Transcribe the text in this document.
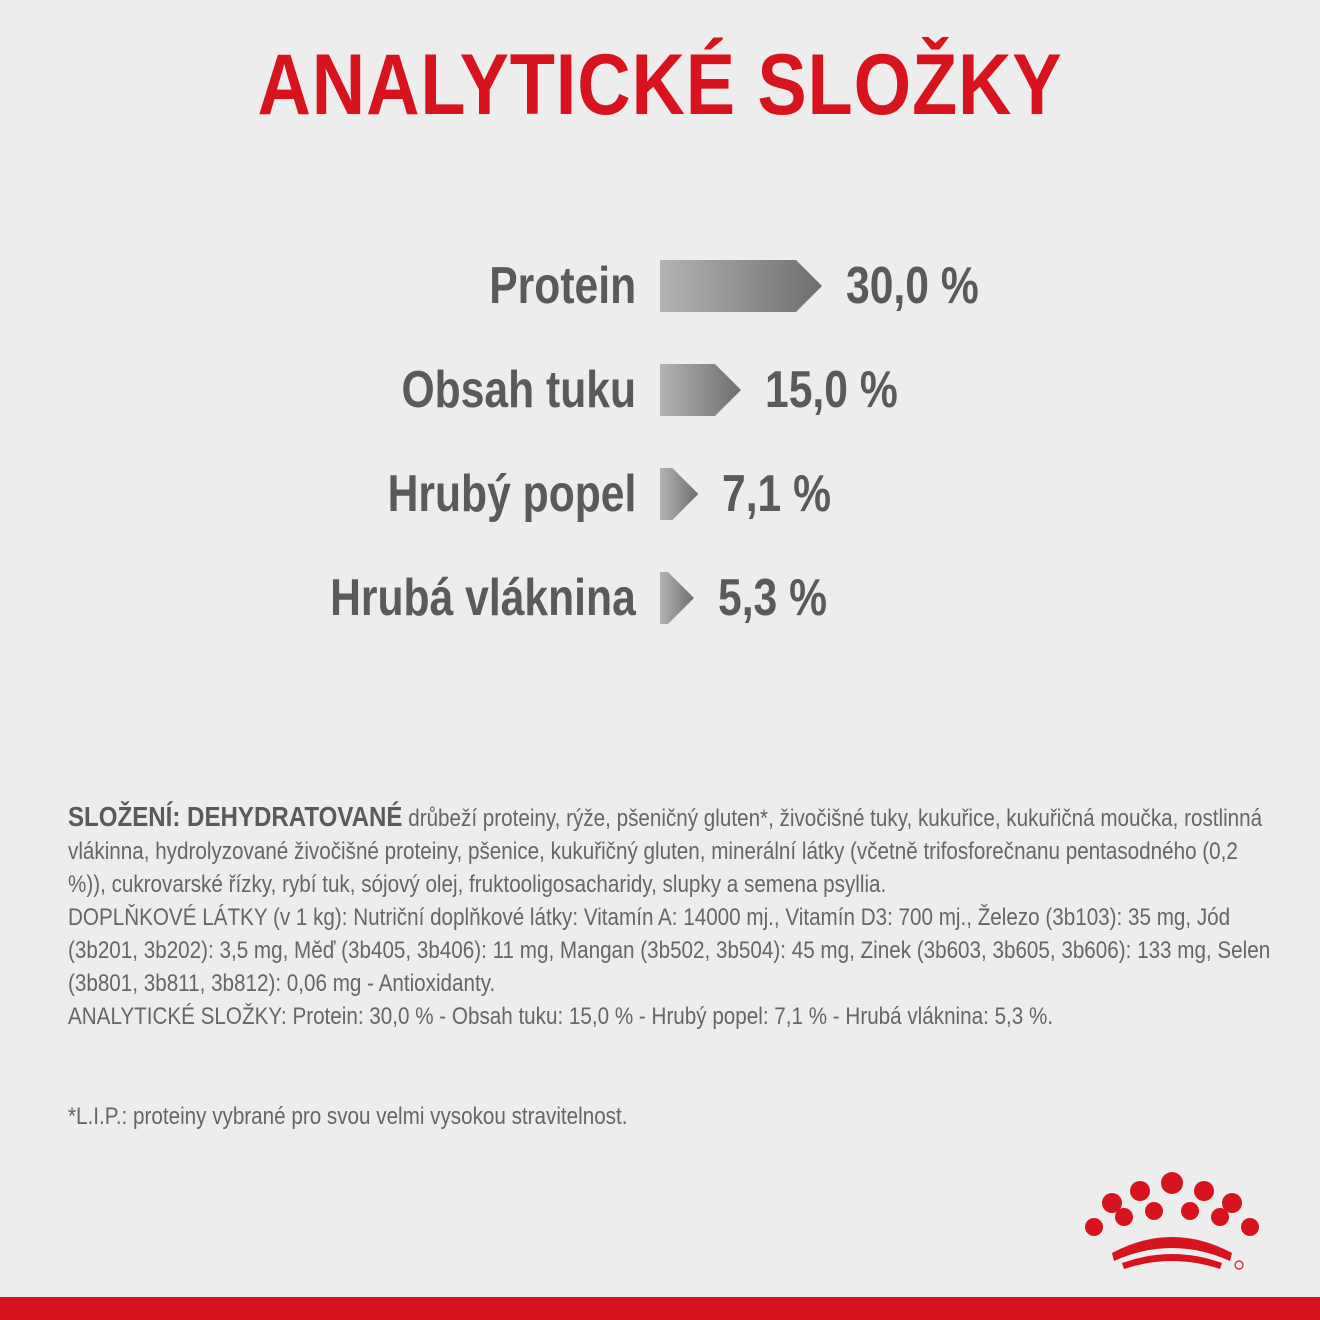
ANALYTICKÉ SLOŽKY
Protein	30,0 %
Obsah tuku 15,0 %
Hrubý popel 7,1 %
Hrubá vláknina 5,3 %

SLOŽENÍ: DEHYDRATOVANÉ drůbeží proteiny, rýže, pšeničný gluten*, živočišné tuky, kukuřice, kukuřičná moučka, rostlinná vlákinna, hydrolyzované živočišné proteiny, pšenice, kukuřičný gluten, minerální látky (včetně trifosforečnanu pentasodného (0,2 %)), cukrovarské řízky, rybí tuk, sójový olej, fruktooligosacharidy, slupky a semena psyllia.

DOPLŇKOVÉ LÁTKY (v 1 kg): Nutriční doplňkové látky: Vitamín A: 14000 mj., Vitamín D3: 700 mj., Železo (3b103): 35 mg, Jód (3b201, 3b202): 3,5 mg, Měď (3b405, 3b406): 11 mg, Mangan (3b502, 3b504): 45 mg, Zinek (3b603, 3b605, 3b606): 133 mg, Selen (3b801, 3b811, 3b812): 0,06 mg - Antioxidanty.

ANALYTICKÉ SLOŽKY: Protein: 30,0 % - Obsah tuku: 15,0 % - Hrubý popel: 7,1 % - Hrubá vláknina: 5,3 %.

*L.I.P.: proteiny vybrané pro svou velmi vysokou stravitelnost.
